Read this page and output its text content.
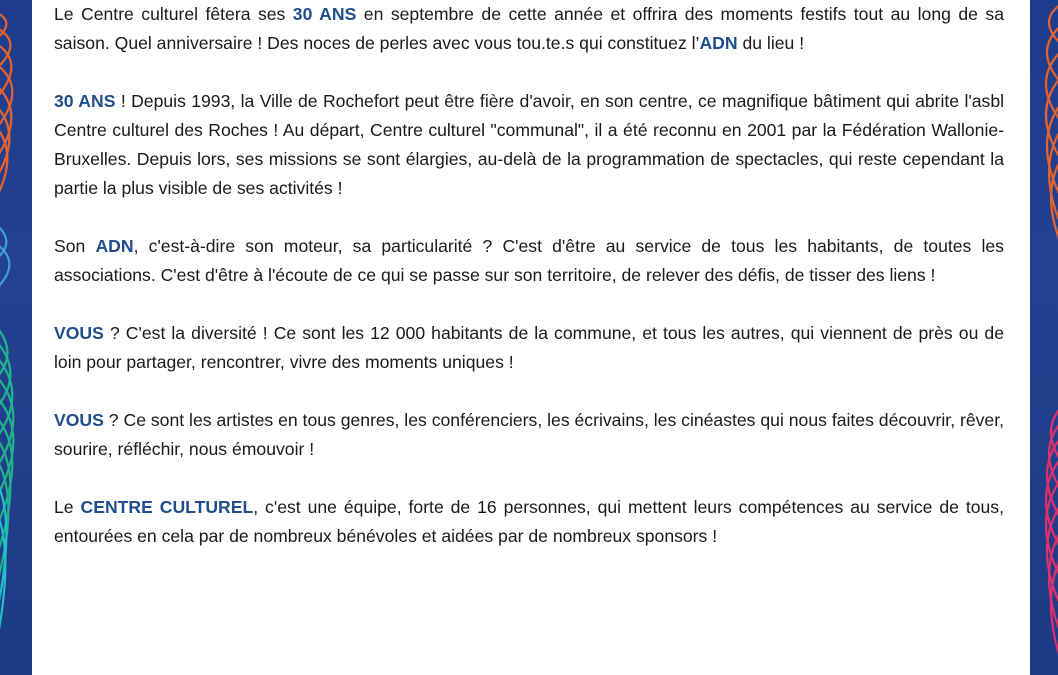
Le Centre culturel fêtera ses 30 ANS en septembre de cette année et offrira des moments festifs tout au long de sa saison. Quel anniversaire ! Des noces de perles avec vous tou.te.s qui constituez l’ADN du lieu !

30 ANS ! Depuis 1993, la Ville de Rochefort peut être fière d'avoir, en son centre, ce magnifique bâtiment qui abrite l'asbl Centre culturel des Roches ! Au départ, Centre culturel "communal", il a été reconnu en 2001 par la Fédération Wallonie-Bruxelles. Depuis lors, ses missions se sont élargies, au-delà de la programmation de spectacles, qui reste cependant la partie la plus visible de ses activités !

Son ADN, c'est-à-dire son moteur, sa particularité ? C'est d'être au service de tous les habitants, de toutes les associations. C'est d'être à l'écoute de ce qui se passe sur son territoire, de relever des défis, de tisser des liens !

VOUS ? C'est la diversité ! Ce sont les 12 000 habitants de la commune, et tous les autres, qui viennent de près ou de loin pour partager, rencontrer, vivre des moments uniques !

VOUS ? Ce sont les artistes en tous genres, les conférenciers, les écrivains, les cinéastes qui nous faites découvrir, rêver, sourire, réfléchir, nous émouvoir !

Le CENTRE CULTUREL, c'est une équipe, forte de 16 personnes, qui mettent leurs compétences au service de tous, entourées en cela par de nombreux bénévoles et aidées par de nombreux sponsors !
